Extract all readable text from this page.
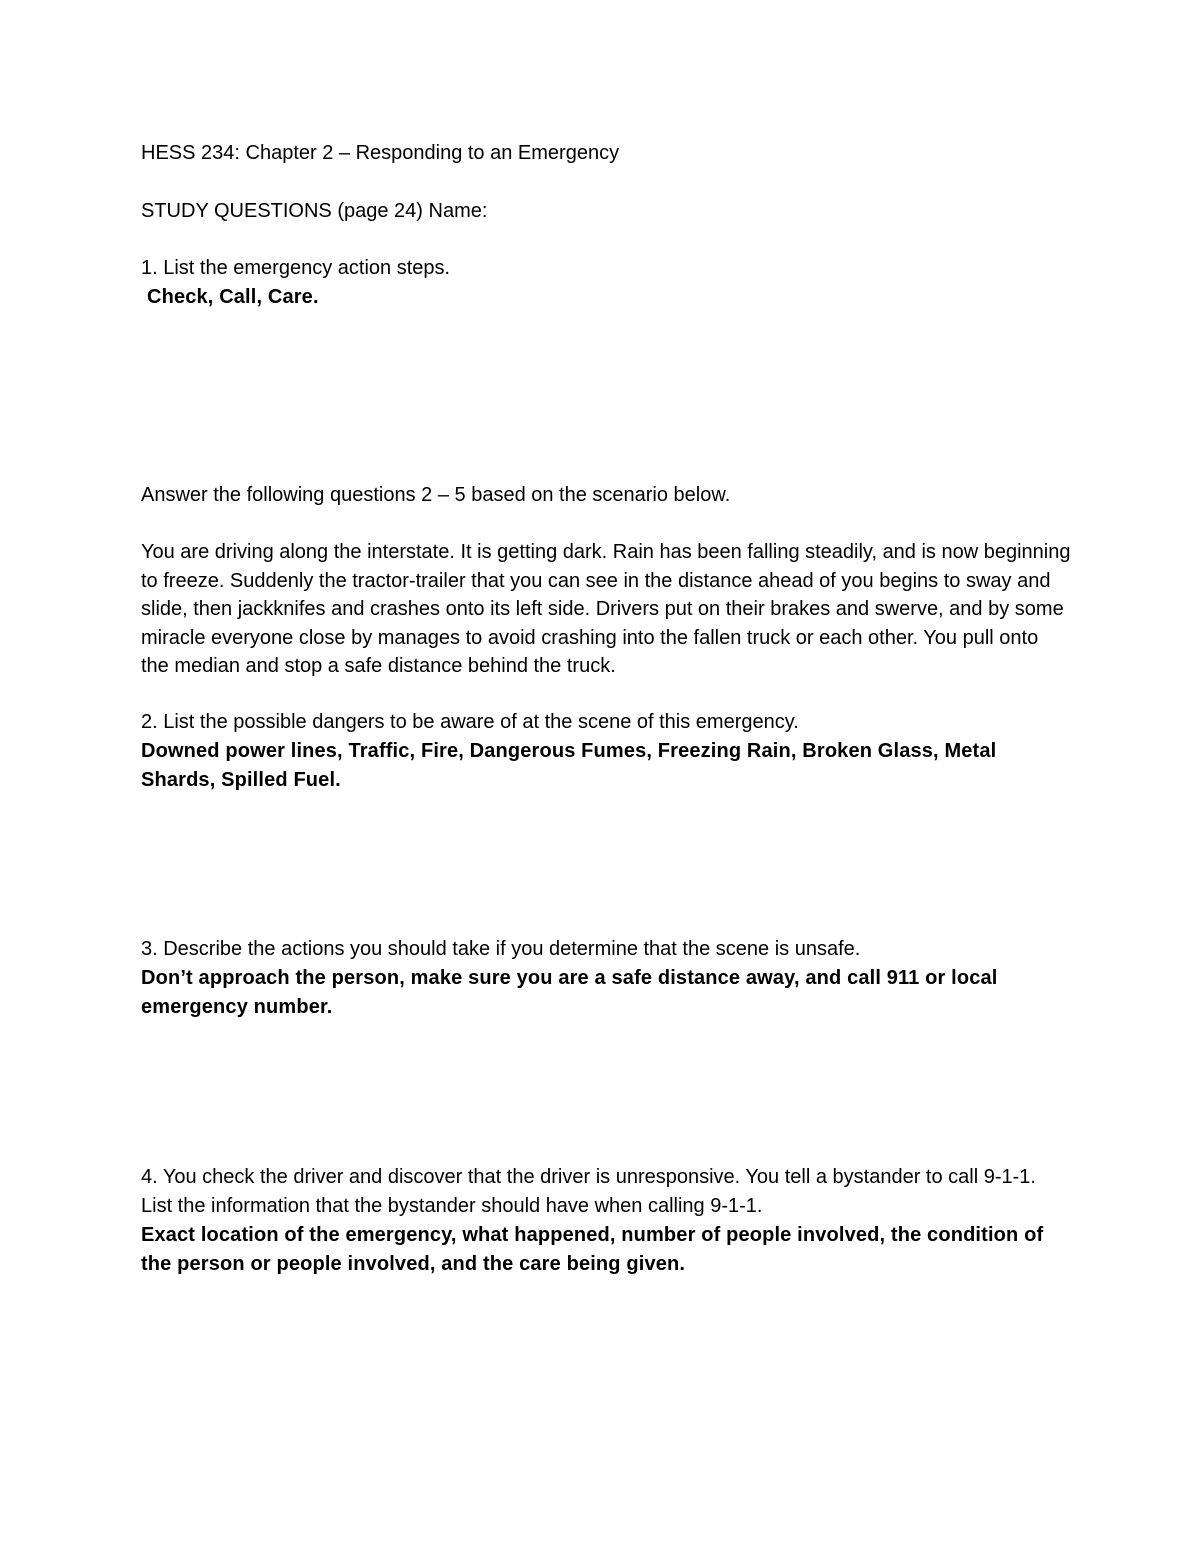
HESS 234: Chapter 2 – Responding to an Emergency

STUDY QUESTIONS (page 24) Name:

1. List the emergency action steps.

Check, Call, Care.

Answer the following questions 2 – 5 based on the scenario below.

You are driving along the interstate. It is getting dark. Rain has been falling steadily, and is now beginning to freeze. Suddenly the tractor-trailer that you can see in the distance ahead of you begins to sway and slide, then jackknifes and crashes onto its left side. Drivers put on their brakes and swerve, and by some miracle everyone close by manages to avoid crashing into the fallen truck or each other. You pull onto the median and stop a safe distance behind the truck.

2. List the possible dangers to be aware of at the scene of this emergency.

Downed power lines, Traffic, Fire, Dangerous Fumes, Freezing Rain, Broken Glass, Metal Shards, Spilled Fuel.

3. Describe the actions you should take if you determine that the scene is unsafe.

Don’t approach the person, make sure you are a safe distance away, and call 911 or local emergency number.

4. You check the driver and discover that the driver is unresponsive. You tell a bystander to call 9-1-1. List the information that the bystander should have when calling 9-1-1.

Exact location of the emergency, what happened, number of people involved, the condition of the person or people involved, and the care being given.
